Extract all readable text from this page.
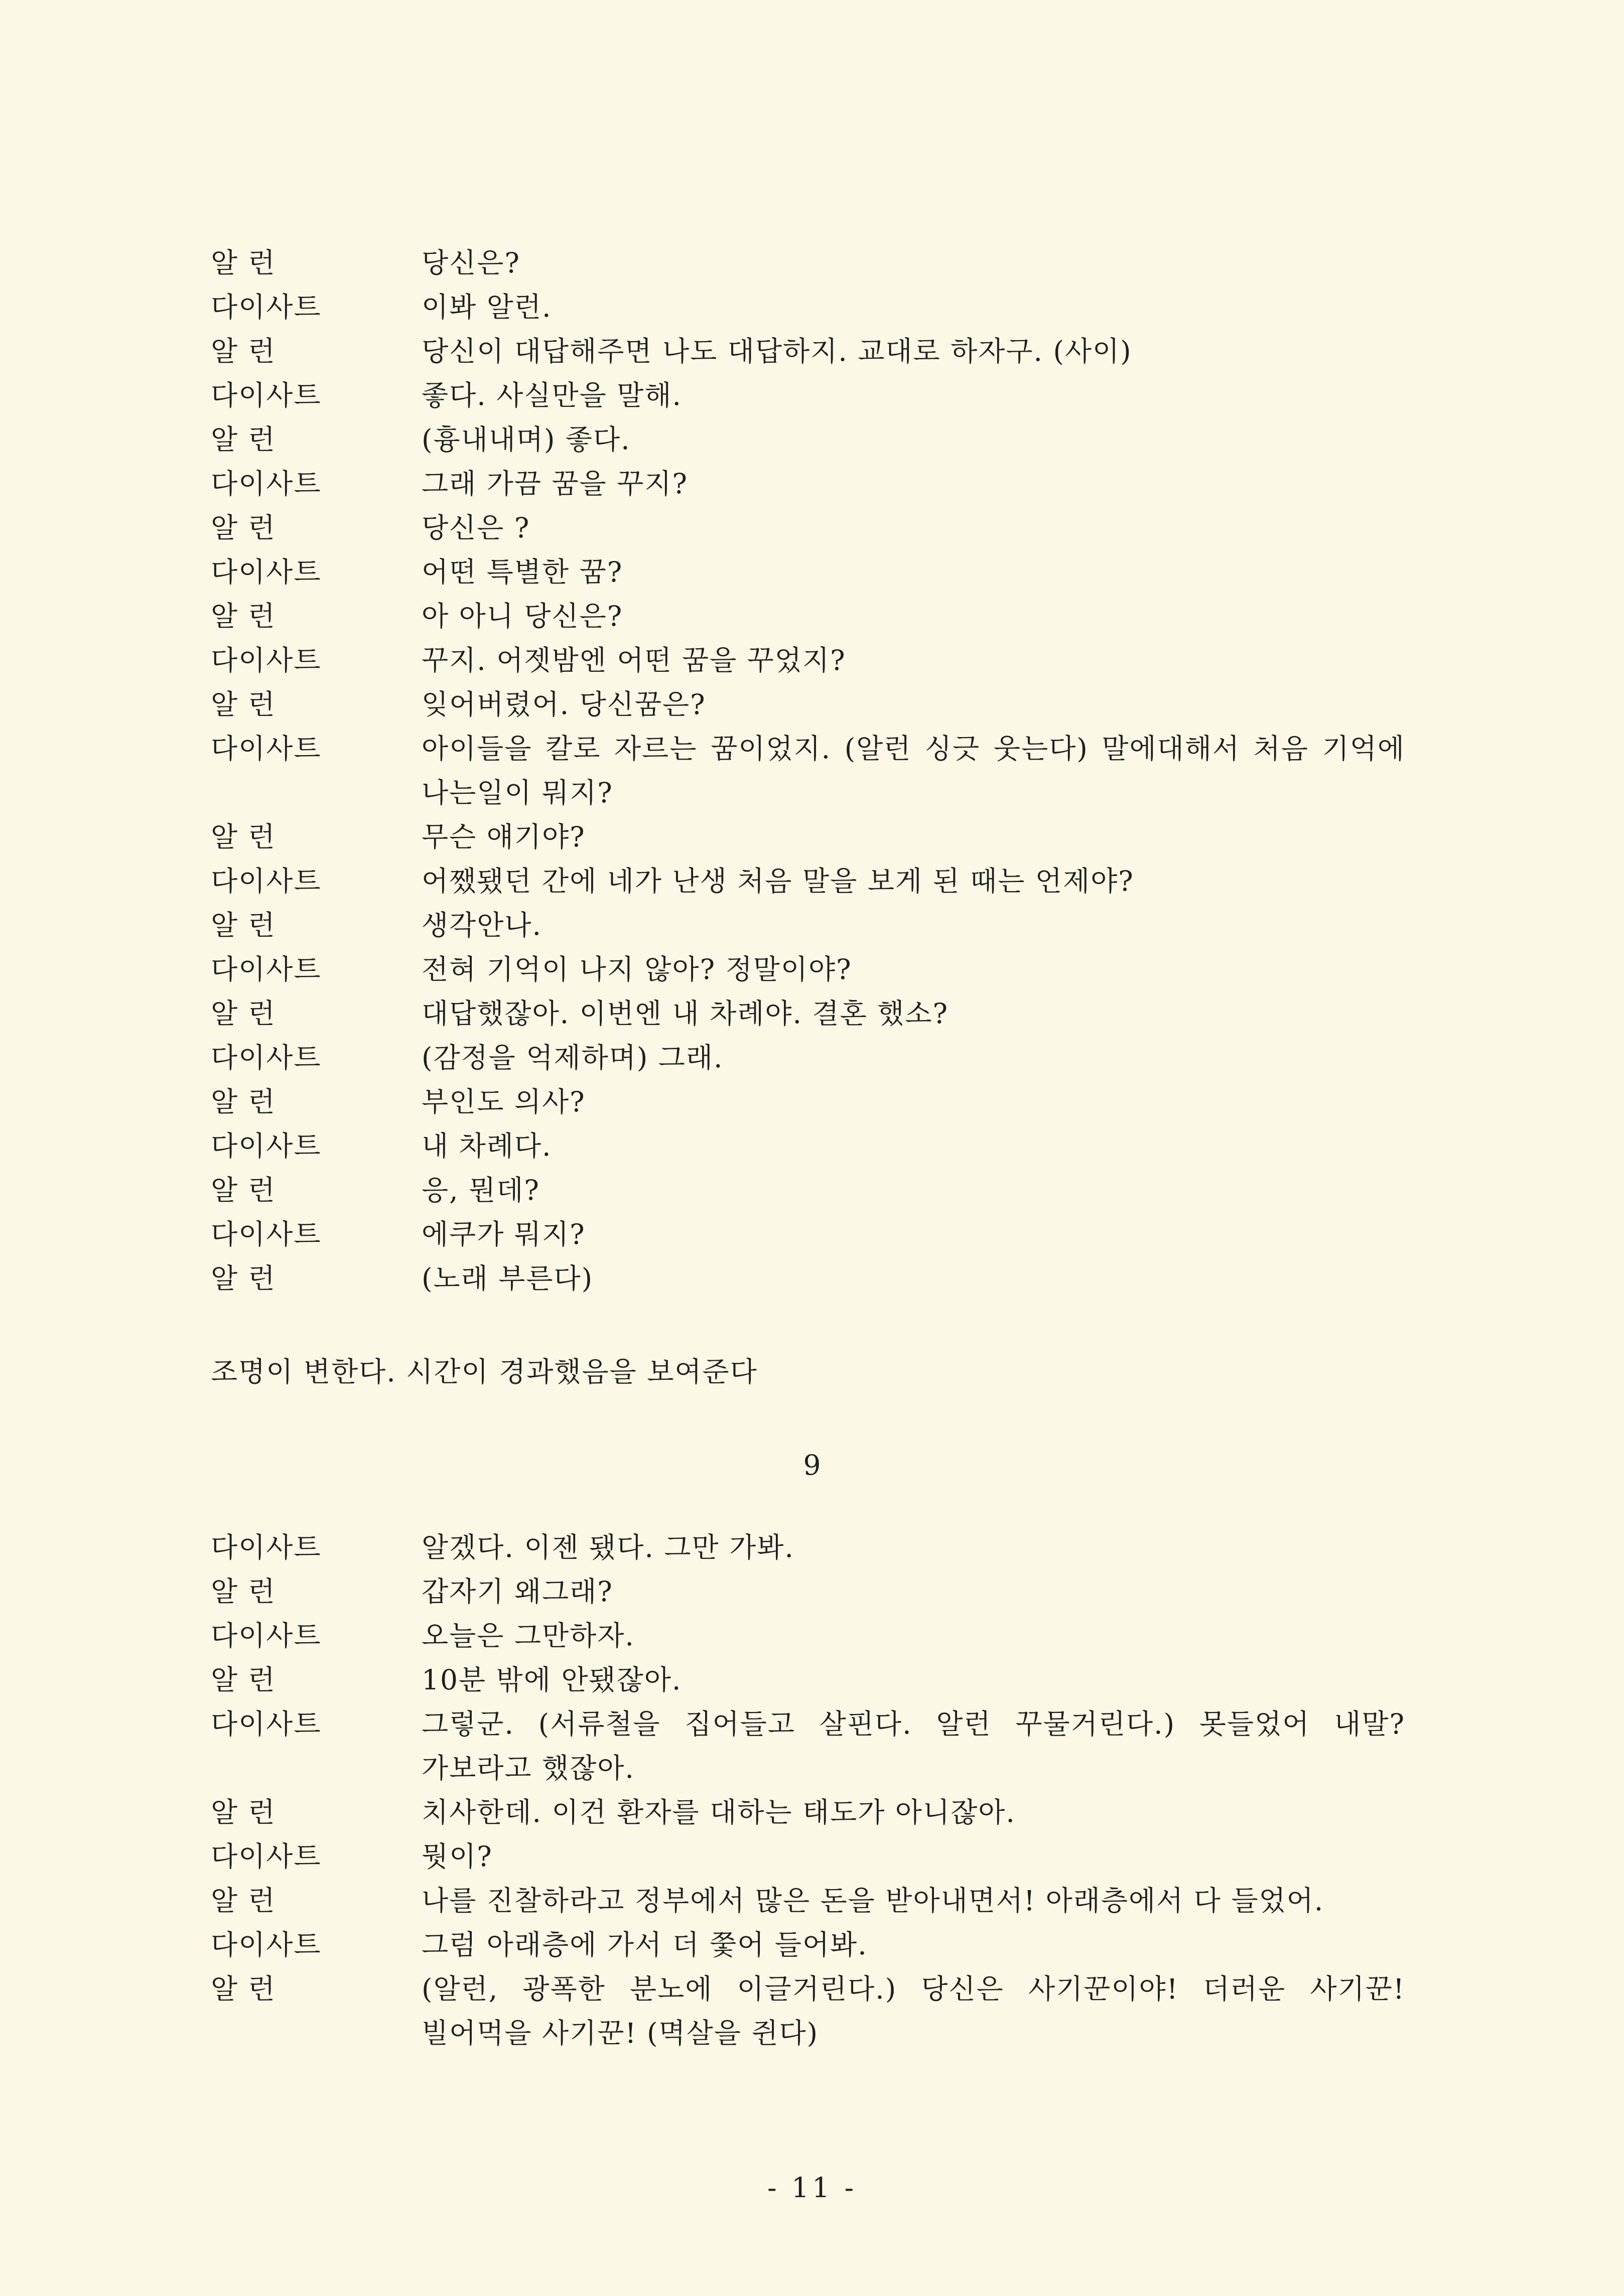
알 런	당신은?
다이사트	이봐 알런.
알 런	당신이 대답해주면 나도 대답하지. 교대로 하자구. (사이)
다이사트	좋다. 사실만을 말해.
알 런	(흉내내며) 좋다.
다이사트	그래 가끔 꿈을 꾸지?
알 런	당신은 ?
다이사트	어떤 특별한 꿈?
알 런	아 아니 당신은?
다이사트	꾸지. 어젯밤엔 어떤 꿈을 꾸었지?
알 런	잊어버렸어. 당신꿈은?
다이사트	아이들을 칼로 자르는 꿈이었지. (알런 싱긋 웃는다) 말에대해서 처음 기억에 나는일이 뭐지?
알 런	무슨 얘기야?
다이사트	어쨌됐던 간에 네가 난생 처음 말을 보게 된 때는 언제야?
알 런	생각안나.
다이사트	전혀 기억이 나지 않아? 정말이야?
알 런	대답했잖아. 이번엔 내 차례야. 결혼 했소?
다이사트	(감정을 억제하며) 그래.
알 런	부인도 의사?
다이사트	내 차례다.
알 런	응, 뭔데?
다이사트	에쿠가 뭐지?
알 런	(노래 부른다)
조명이 변한다. 시간이 경과했음을 보여준다
9
다이사트	알겠다. 이젠 됐다. 그만 가봐.
알 런	갑자기 왜그래?
다이사트	오늘은 그만하자.
알 런	10분 밖에 안됐잖아.
다이사트	그렇군. (서류철을 집어들고 살핀다. 알런 꾸물거린다.) 못들었어 내말? 가보라고 했잖아.
알 런	치사한데. 이건 환자를 대하는 태도가 아니잖아.
다이사트	뭣이?
알 런	나를 진찰하라고 정부에서 많은 돈을 받아내면서! 아래층에서 다 들었어.
다이사트	그럼 아래층에 가서 더 쭟어 들어봐.
알 런	(알런, 광폭한 분노에 이글거린다.) 당신은 사기꾼이야! 더러운 사기꾼! 빌어먹을 사기꾼! (멱살을 쥔다)
- 11 -
